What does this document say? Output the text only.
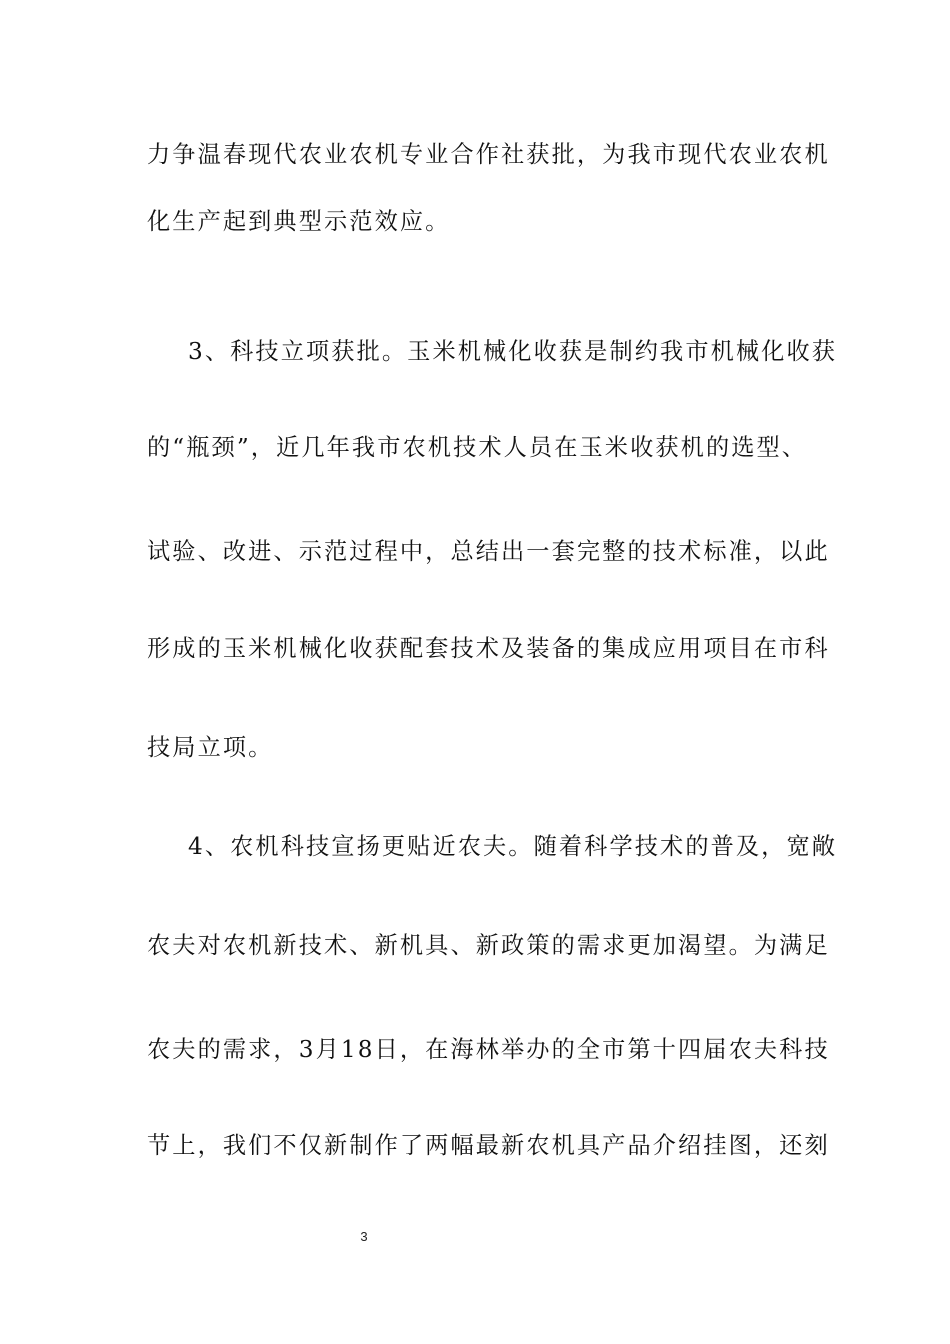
力争温春现代农业农机专业合作社获批，为我市现代农业农机
化生产起到典型示范效应。
3、科技立项获批。玉米机械化收获是制约我市机械化收获
的“瓶颈”，近几年我市农机技术人员在玉米收获机的选型、
试验、改进、示范过程中，总结出一套完整的技术标准，以此
形成的玉米机械化收获配套技术及装备的集成应用项目在市科
技局立项。
4、农机科技宣扬更贴近农夫。随着科学技术的普及，宽敞
农夫对农机新技术、新机具、新政策的需求更加渴望。为满足
农夫的需求，3月18日，在海林举办的全市第十四届农夫科技
节上，我们不仅新制作了两幅最新农机具产品介绍挂图，还刻
3
